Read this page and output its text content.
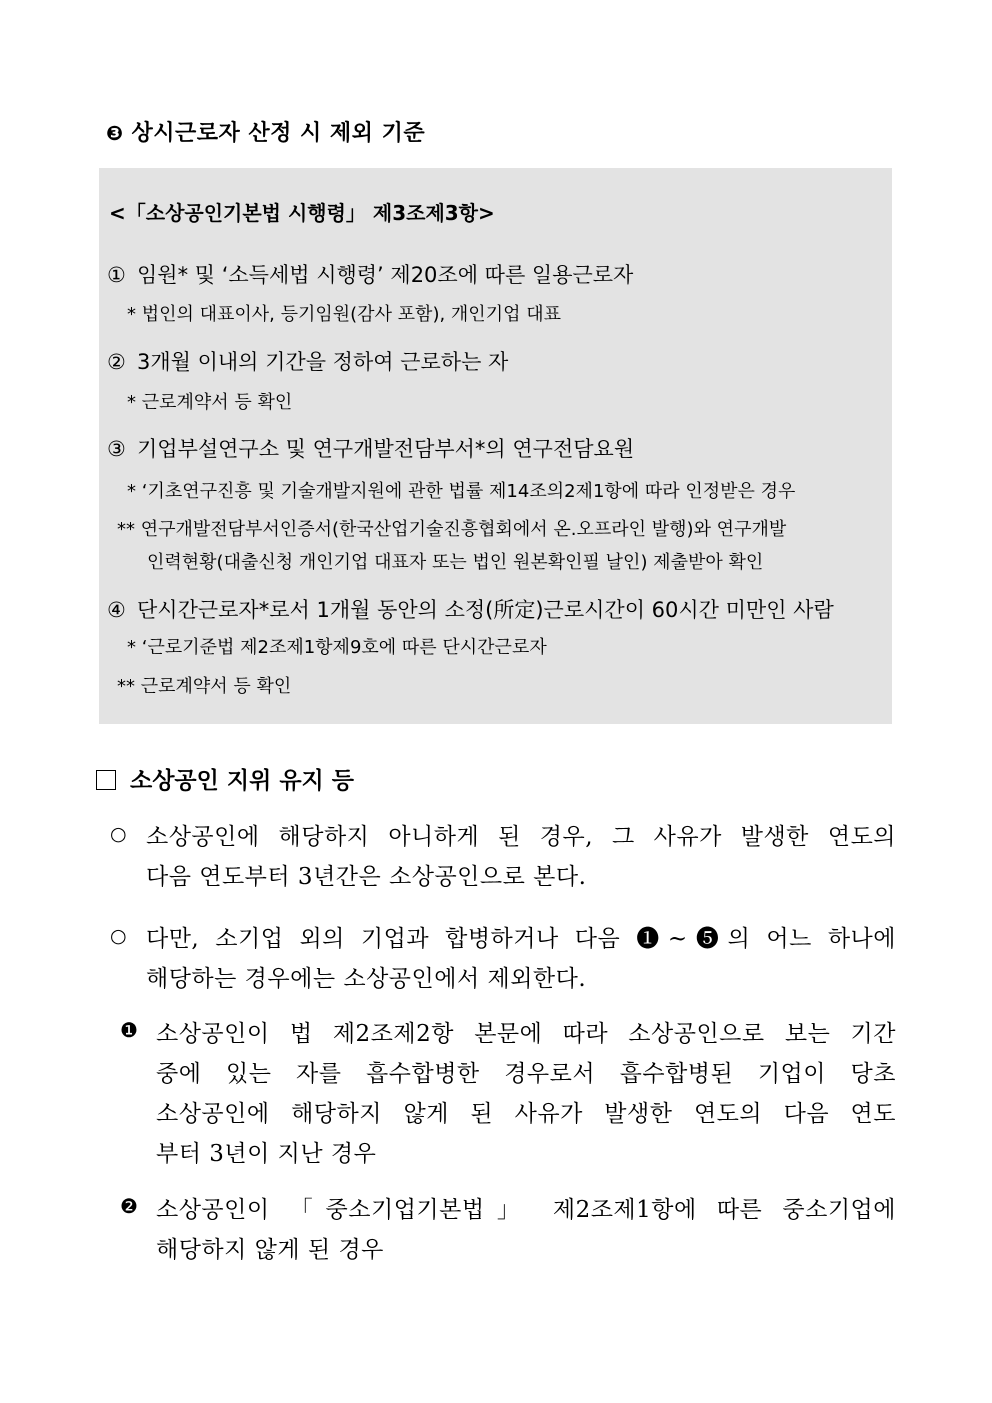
❸ 상시근로자 산정 시 제외 기준
<「소상공인기본법 시행령」 제3조제3항>
① 임원* 및 ‘소득세법 시행령’ 제20조에 따른 일용근로자
* 법인의 대표이사, 등기임원(감사 포함), 개인기업 대표
② 3개월 이내의 기간을 정하여 근로하는 자
* 근로계약서 등 확인
③ 기업부설연구소 및 연구개발전담부서*의 연구전담요원
* ‘기초연구진흥 및 기술개발지원에 관한 법률 제14조의2제1항에 따라 인정받은 경우
** 연구개발전담부서인증서(한국산업기술진흥협회에서 온.오프라인 발행)와 연구개발
인력현황(대출신청 개인기업 대표자 또는 법인 원본확인필 날인) 제출받아 확인
④ 단시간근로자*로서 1개월 동안의 소정(所定)근로시간이 60시간 미만인 사람
* ‘근로기준법 제2조제1항제9호에 따른 단시간근로자
** 근로계약서 등 확인
소상공인 지위 유지 등
○ 소상공인에 해당하지 아니하게 된 경우, 그 사유가 발생한 연도의
다음 연도부터 3년간은 소상공인으로 본다.
○ 다만, 소기업 외의 기업과 합병하거나 다음 ❶~❺의 어느 하나에
해당하는 경우에는 소상공인에서 제외한다.
❶ 소상공인이 법 제2조제2항 본문에 따라 소상공인으로 보는 기간
중에 있는 자를 흡수합병한 경우로서 흡수합병된 기업이 당초
소상공인에 해당하지 않게 된 사유가 발생한 연도의 다음 연도
부터 3년이 지난 경우
❷ 소상공인이 「중소기업기본법」 제2조제1항에 따른 중소기업에
해당하지 않게 된 경우
